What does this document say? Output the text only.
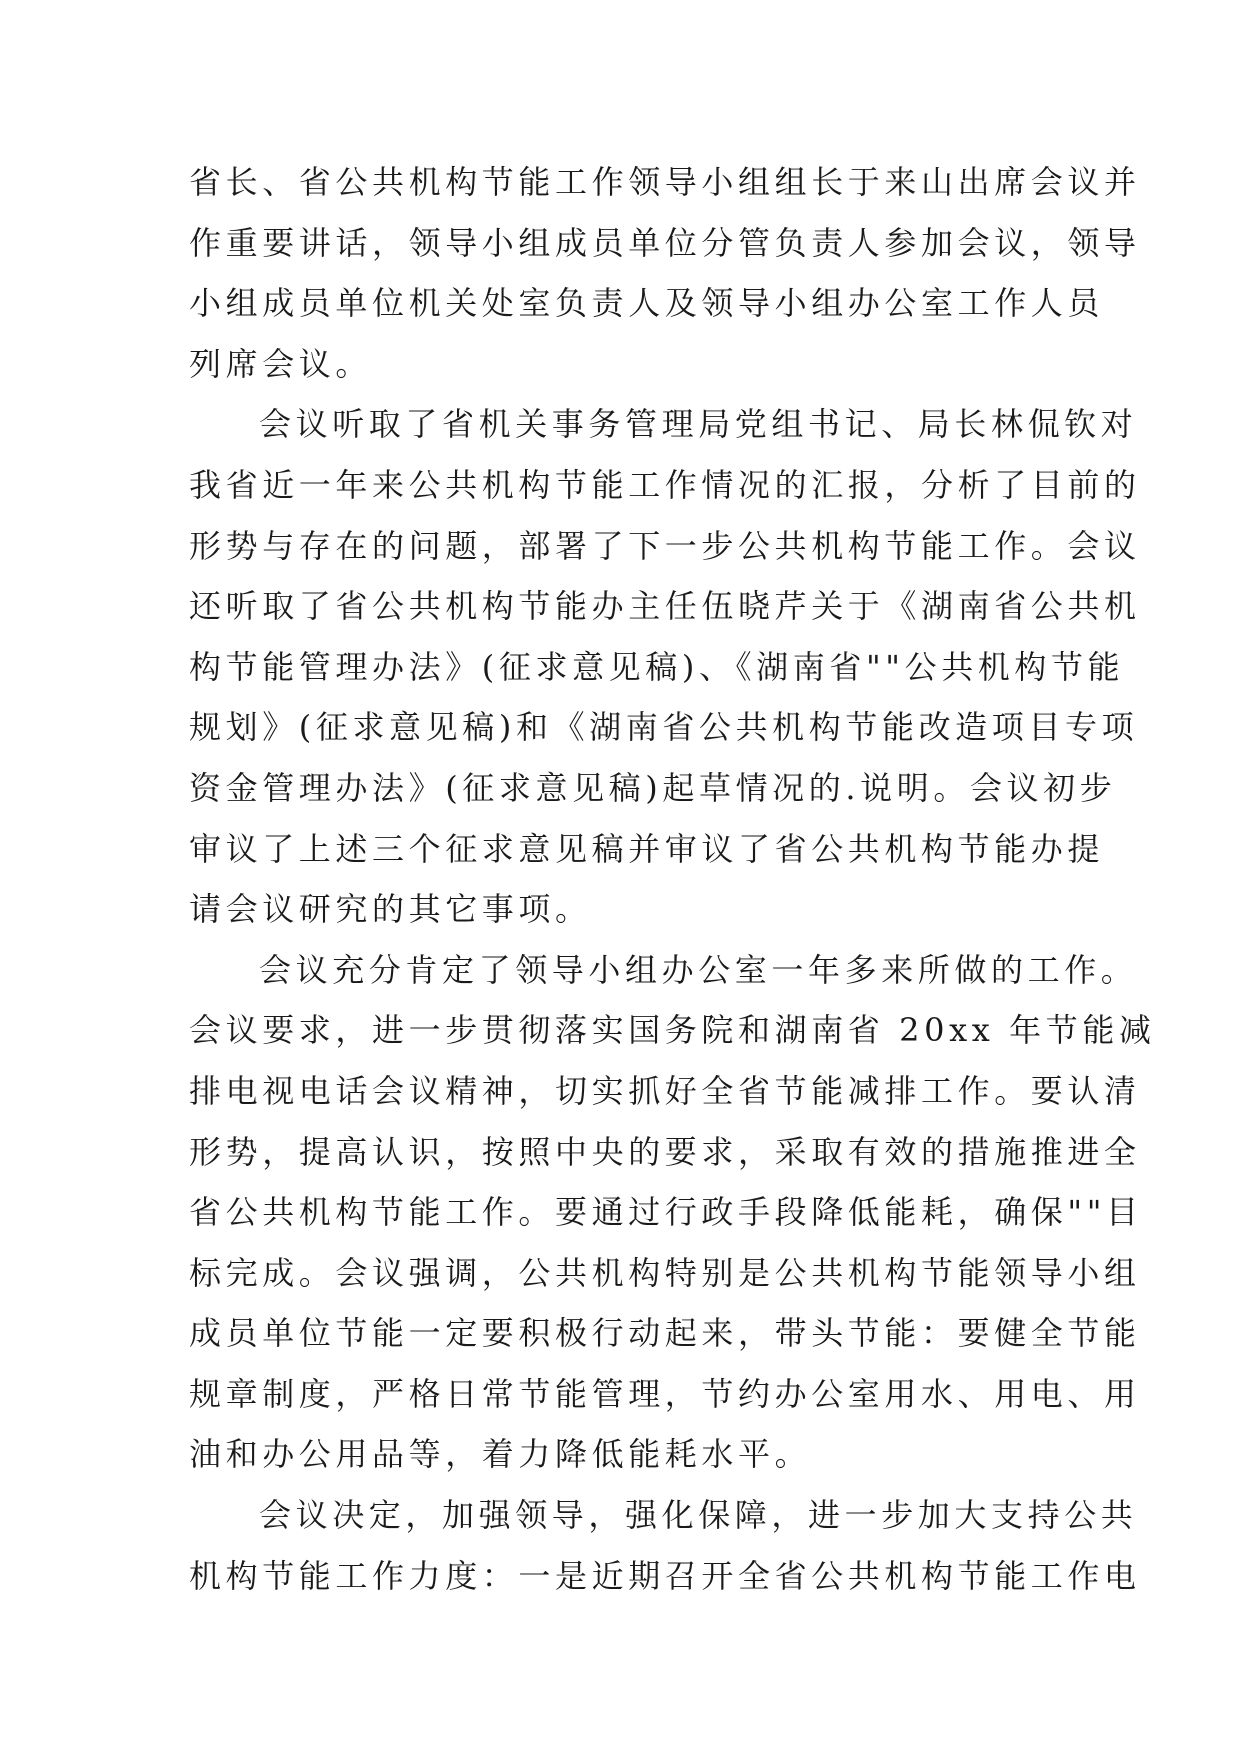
省长、省公共机构节能工作领导小组组长于来山出席会议并
作重要讲话，领导小组成员单位分管负责人参加会议，领导
小组成员单位机关处室负责人及领导小组办公室工作人员
列席会议。
会议听取了省机关事务管理局党组书记、局长林侃钦对
我省近一年来公共机构节能工作情况的汇报，分析了目前的
形势与存在的问题，部署了下一步公共机构节能工作。会议
还听取了省公共机构节能办主任伍晓芹关于《湖南省公共机
构节能管理办法》(征求意见稿)、《湖南省""公共机构节能
规划》(征求意见稿)和《湖南省公共机构节能改造项目专项
资金管理办法》(征求意见稿)起草情况的.说明。会议初步
审议了上述三个征求意见稿并审议了省公共机构节能办提
请会议研究的其它事项。
会议充分肯定了领导小组办公室一年多来所做的工作。
会议要求，进一步贯彻落实国务院和湖南省 20xx 年节能减
排电视电话会议精神，切实抓好全省节能减排工作。要认清
形势，提高认识，按照中央的要求，采取有效的措施推进全
省公共机构节能工作。要通过行政手段降低能耗，确保""目
标完成。会议强调，公共机构特别是公共机构节能领导小组
成员单位节能一定要积极行动起来，带头节能：要健全节能
规章制度，严格日常节能管理，节约办公室用水、用电、用
油和办公用品等，着力降低能耗水平。
会议决定，加强领导，强化保障，进一步加大支持公共
机构节能工作力度：一是近期召开全省公共机构节能工作电
